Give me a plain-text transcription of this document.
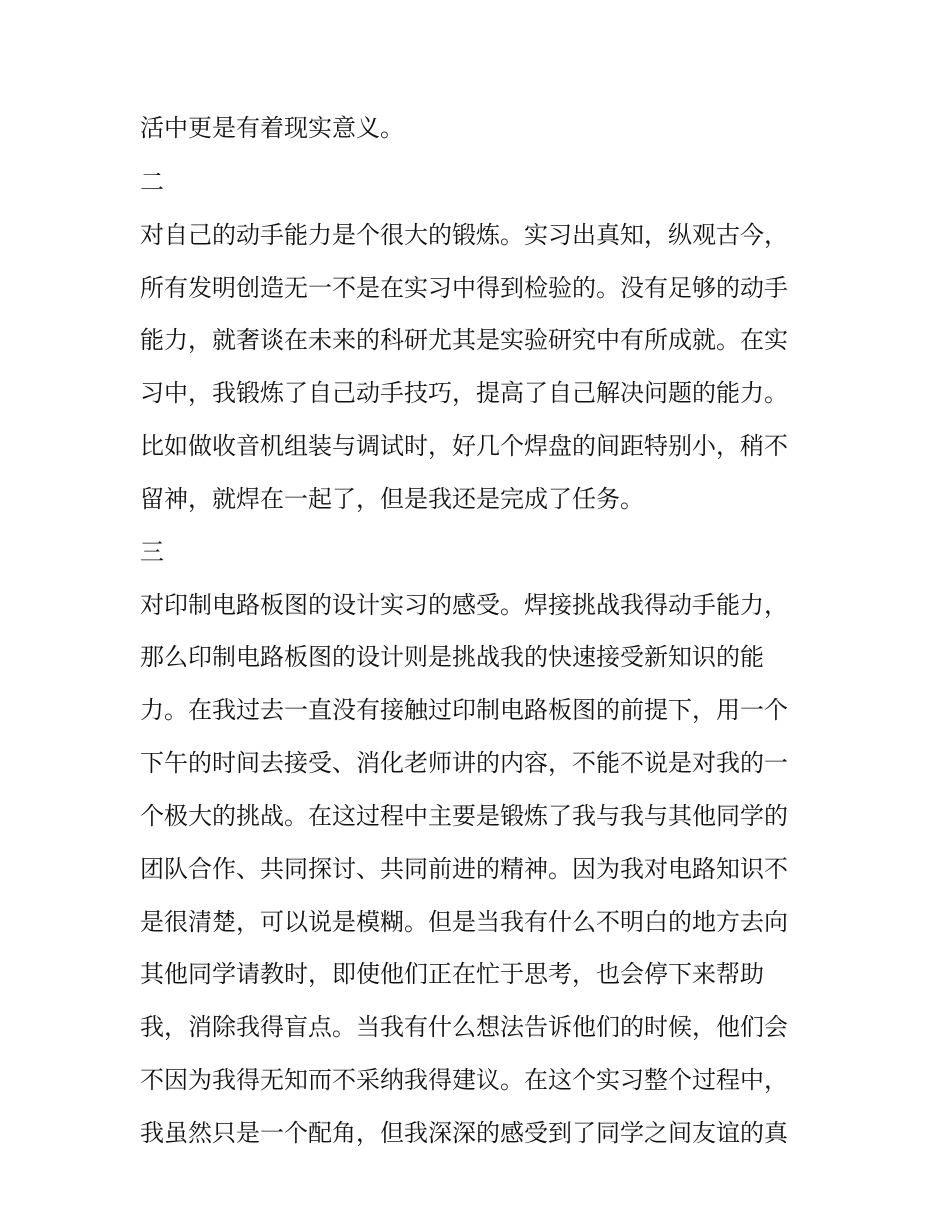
活中更是有着现实意义。
二
对自己的动手能力是个很大的锻炼。实习出真知，纵观古今，
所有发明创造无一不是在实习中得到检验的。没有足够的动手
能力，就奢谈在未来的科研尤其是实验研究中有所成就。在实
习中，我锻炼了自己动手技巧，提高了自己解决问题的能力。
比如做收音机组装与调试时，好几个焊盘的间距特别小，稍不
留神，就焊在一起了，但是我还是完成了任务。
三
对印制电路板图的设计实习的感受。焊接挑战我得动手能力，
那么印制电路板图的设计则是挑战我的快速接受新知识的能
力。在我过去一直没有接触过印制电路板图的前提下，用一个
下午的时间去接受、消化老师讲的内容，不能不说是对我的一
个极大的挑战。在这过程中主要是锻炼了我与我与其他同学的
团队合作、共同探讨、共同前进的精神。因为我对电路知识不
是很清楚，可以说是模糊。但是当我有什么不明白的地方去向
其他同学请教时，即使他们正在忙于思考，也会停下来帮助
我，消除我得盲点。当我有什么想法告诉他们的时候，他们会
不因为我得无知而不采纳我得建议。在这个实习整个过程中，
我虽然只是一个配角，但我深深的感受到了同学之间友谊的真
